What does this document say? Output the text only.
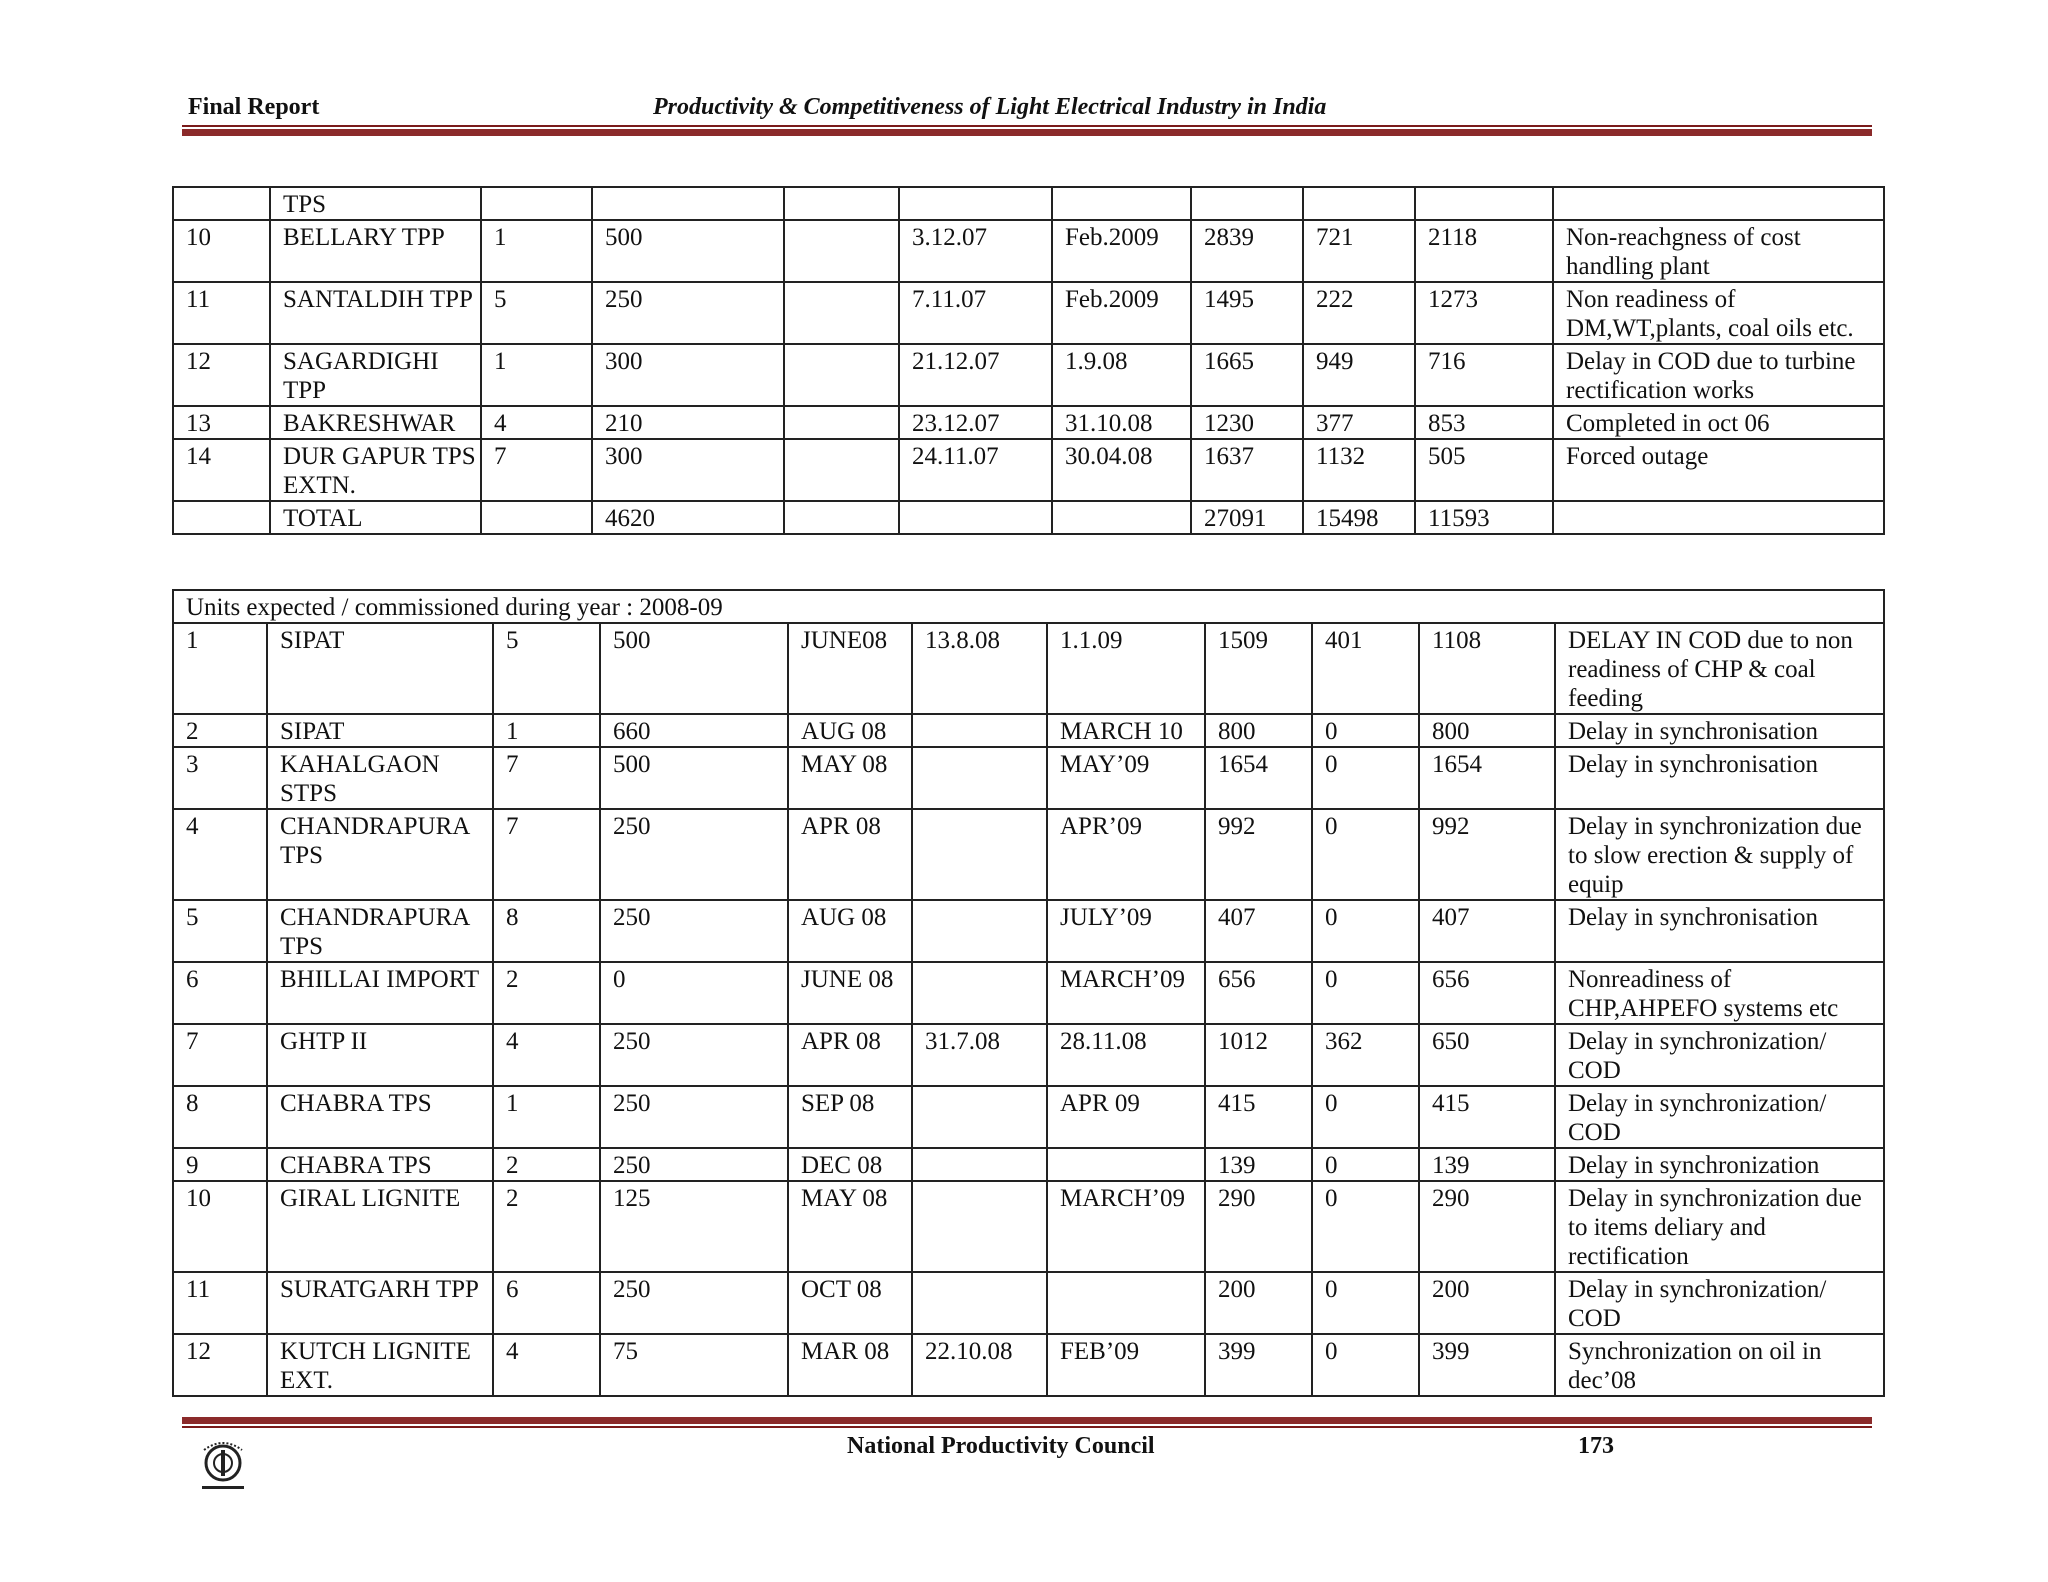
Final Report	Productivity & Competitiveness of Light Electrical Industry in India
	TPS									
10	BELLARY TPP	1	500		3.12.07	Feb.2009	2839	721	2118	Non-reachgness of cost handling plant
11	SANTALDIH TPP	5	250		7.11.07	Feb.2009	1495	222	1273	Non readiness of DM,WT,plants, coal oils etc.
12	SAGARDIGHI TPP	1	300		21.12.07	1.9.08	1665	949	716	Delay in COD due to turbine rectification works
13	BAKRESHWAR	4	210		23.12.07	31.10.08	1230	377	853	Completed in oct 06
14	DUR GAPUR TPS EXTN.	7	300		24.11.07	30.04.08	1637	1132	505	Forced outage
	TOTAL		4620				27091	15498	11593	
Units expected / commissioned during year : 2008-09										
1	SIPAT	5	500	JUNE08	13.8.08	1.1.09	1509	401	1108	DELAY IN COD due to non readiness of CHP & coal feeding
2	SIPAT	1	660	AUG 08		MARCH 10	800	0	800	Delay in synchronisation
3	KAHALGAON STPS	7	500	MAY 08		MAY’09	1654	0	1654	Delay in synchronisation
4	CHANDRAPURA TPS	7	250	APR 08		APR’09	992	0	992	Delay in synchronization due to slow erection & supply of equip
5	CHANDRAPURA TPS	8	250	AUG 08		JULY’09	407	0	407	Delay in synchronisation
6	BHILLAI IMPORT	2	0	JUNE 08		MARCH’09	656	0	656	Nonreadiness of CHP,AHPEFO systems etc
7	GHTP II	4	250	APR 08	31.7.08	28.11.08	1012	362	650	Delay in synchronization/ COD
8	CHABRA TPS	1	250	SEP 08		APR 09	415	0	415	Delay in synchronization/ COD
9	CHABRA TPS	2	250	DEC 08			139	0	139	Delay in synchronization
10	GIRAL LIGNITE	2	125	MAY 08		MARCH’09	290	0	290	Delay in synchronization due to items deliary and rectification
11	SURATGARH TPP	6	250	OCT 08			200	0	200	Delay in synchronization/ COD
12	KUTCH LIGNITE EXT.	4	75	MAR 08	22.10.08	FEB’09	399	0	399	Synchronization on oil in dec’08
National Productivity Council	173
